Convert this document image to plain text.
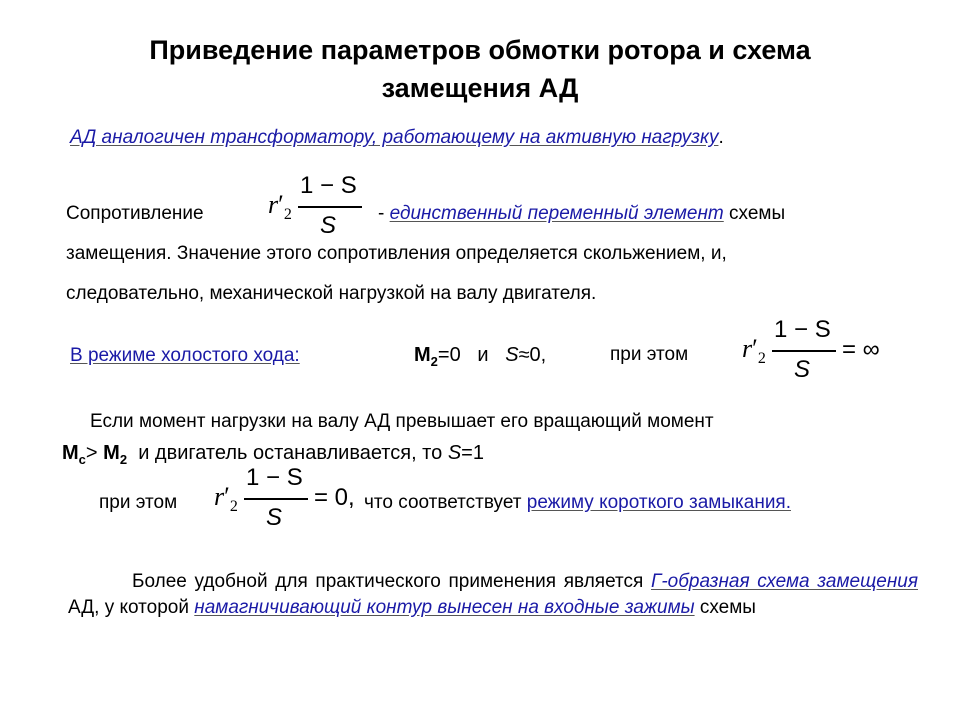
Приведение параметров обмотки ротора и схема
замещения АД
АД аналогичен трансформатору, работающему на активную нагрузку.
Сопротивление $r'_2$
1 − S
S - единственный переменный элемент схемы
замещения. Значение этого сопротивления определяется скольжением, и,
следовательно, механической нагрузкой на валу двигателя.
В режиме холостого хода:	$M_2=0$ и S≈0,	при этом $r'_2$
1 − S
S
= ∞
Если момент нагрузки на валу АД превышает его вращающий момент
$M_c> M_2$ и двигатель останавливается, то S=1
при этом $r'_2$
1 − S
S
= 0, что соответствует режиму короткого замыкания.
Более удобной для практического применения является Г-образная схема замещения АД, у которой намагничивающий контур вынесен на входные зажимы схемы
